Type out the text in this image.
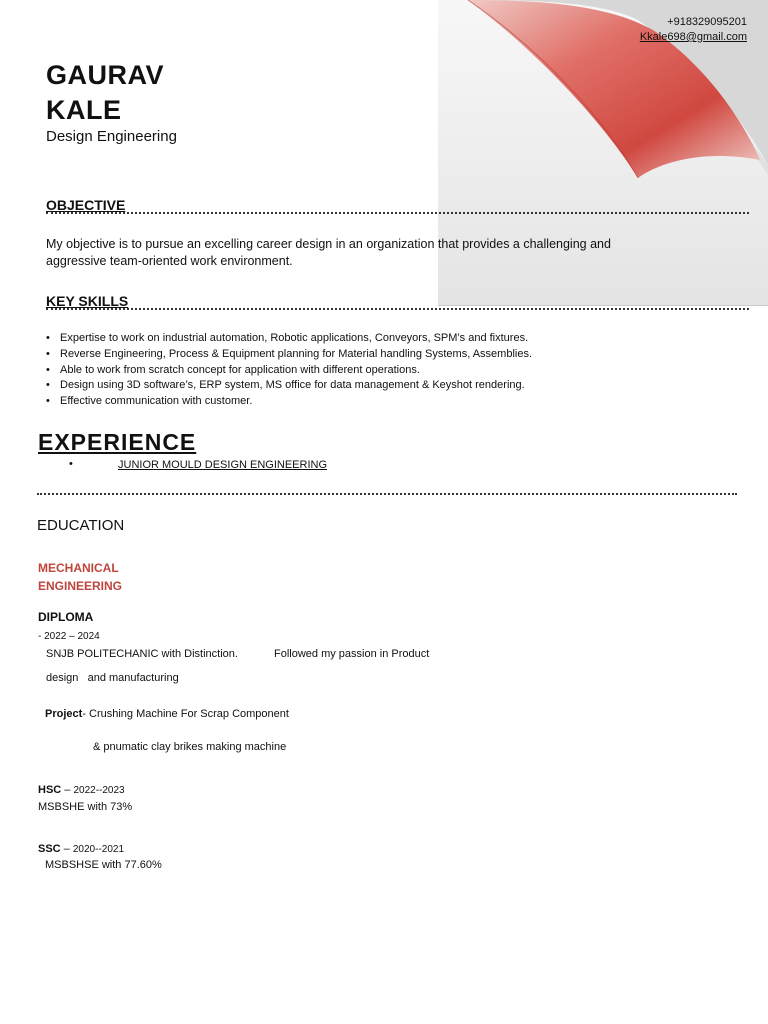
+918329095201
Kkale698@gmail.com
GAURAV
KALE
Design Engineering
OBJECTIVE
My objective is to pursue an excelling career design in an organization that provides a challenging and aggressive team-oriented work environment.
KEY SKILLS
• Expertise to work on industrial automation, Robotic applications, Conveyors, SPM’s and fixtures.
• Reverse Engineering, Process & Equipment planning for Material handling Systems, Assemblies.
• Able to work from scratch concept for application with different operations.
• Design using 3D software’s, ERP system, MS office for data management & Keyshot rendering.
• Effective communication with customer.
EXPERIENCE
•	JUNIOR MOULD DESIGN ENGINEERING
EDUCATION
MECHANICAL
ENGINEERING
DIPLOMA
- 2022 – 2024
SNJB POLITECHANIC with Distinction.	Followed my passion in Product
design   and manufacturing
Project- Crushing Machine For Scrap Component
& pnumatic clay brikes making machine
HSC – 2022--2023
MSBSHE with 73%
SSC – 2020--2021
MSBSHSE with 77.60%
